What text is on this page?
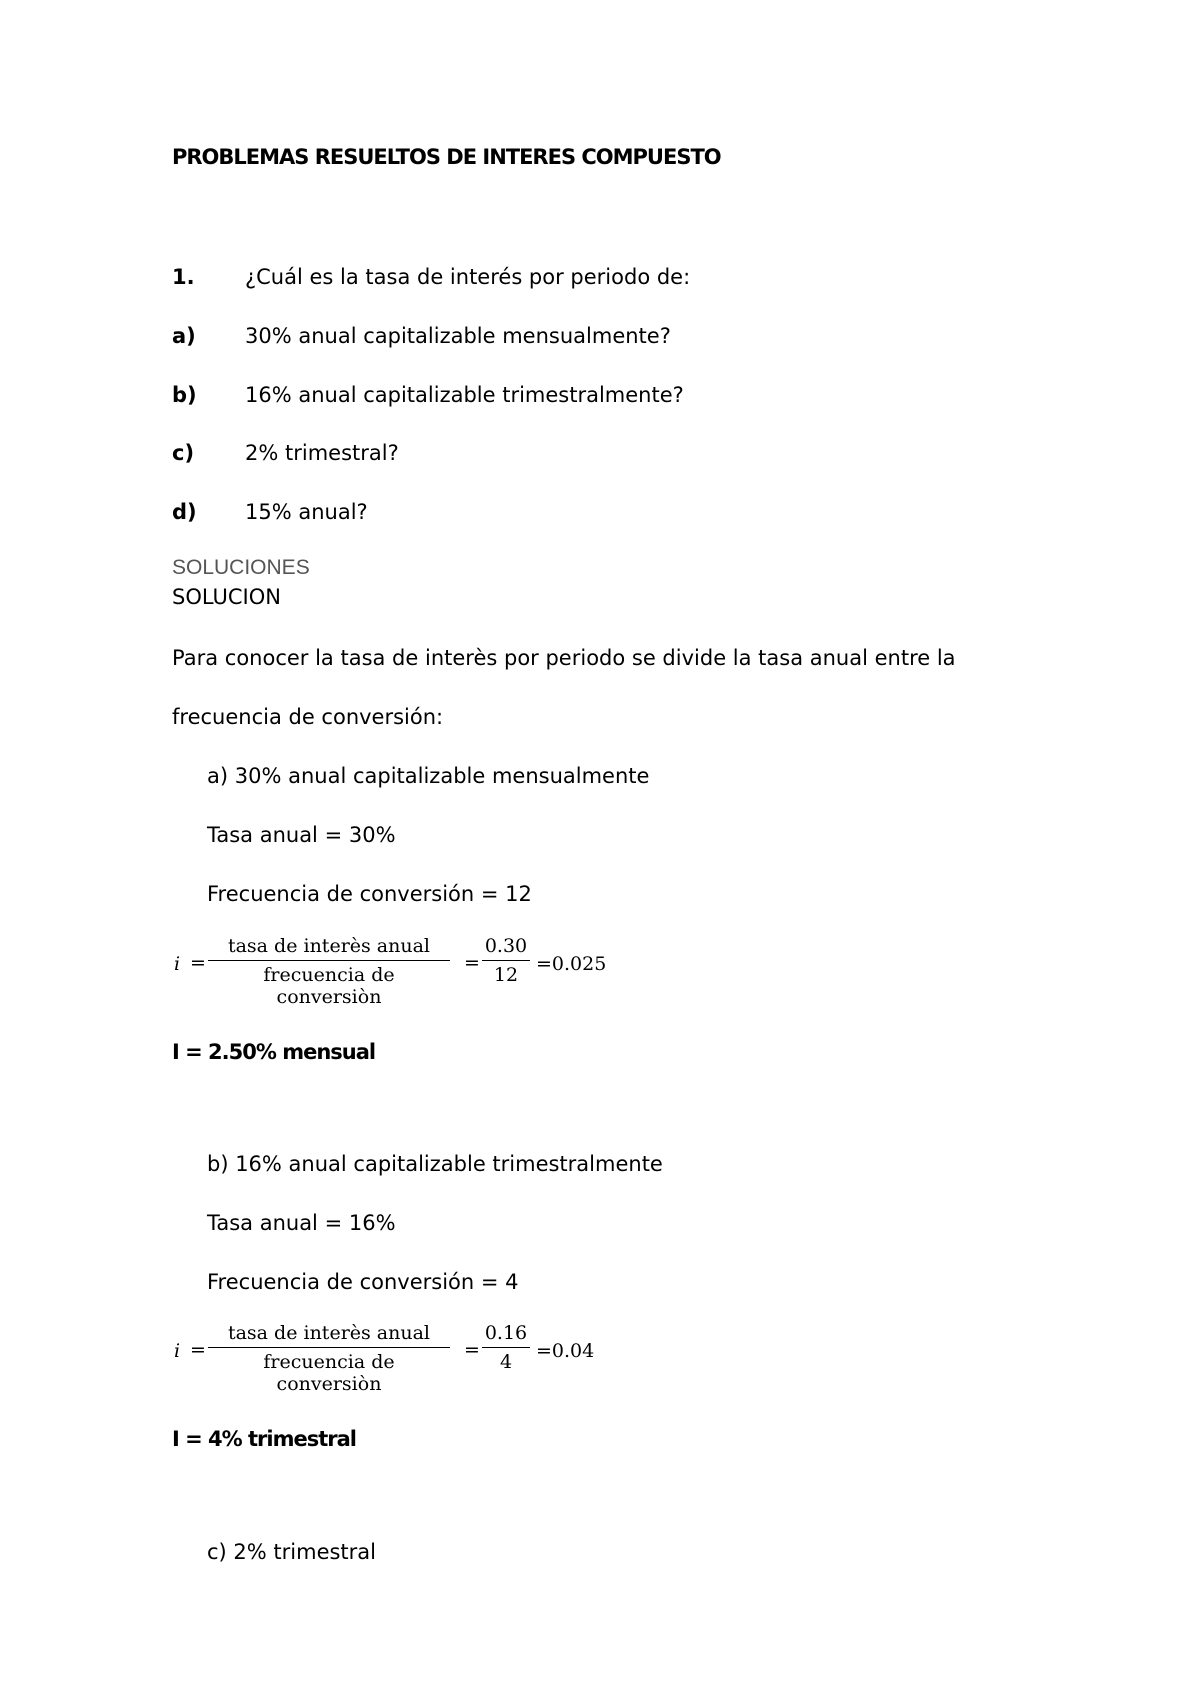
PROBLEMAS RESUELTOS DE INTERES COMPUESTO
1. ¿Cuál es la tasa de interés por periodo de:
a) 30% anual capitalizable mensualmente?
b) 16% anual capitalizable trimestralmente?
c) 2% trimestral?
d) 15% anual?
SOLUCIONES
SOLUCION
Para conocer la tasa de interès por periodo se divide la tasa anual entre la
frecuencia de conversión:
a) 30% anual capitalizable mensualmente
Tasa anual = 30%
Frecuencia de conversión = 12
i =
tasa de interès anual
frecuencia de conversiòn
=
0.30
12 =0.025
I = 2.50% mensual
b) 16% anual capitalizable trimestralmente
Tasa anual = 16%
Frecuencia de conversión = 4
i =
tasa de interès anual
frecuencia de conversiòn
=
0.16
4	=0.04
I = 4% trimestral
c) 2% trimestral
